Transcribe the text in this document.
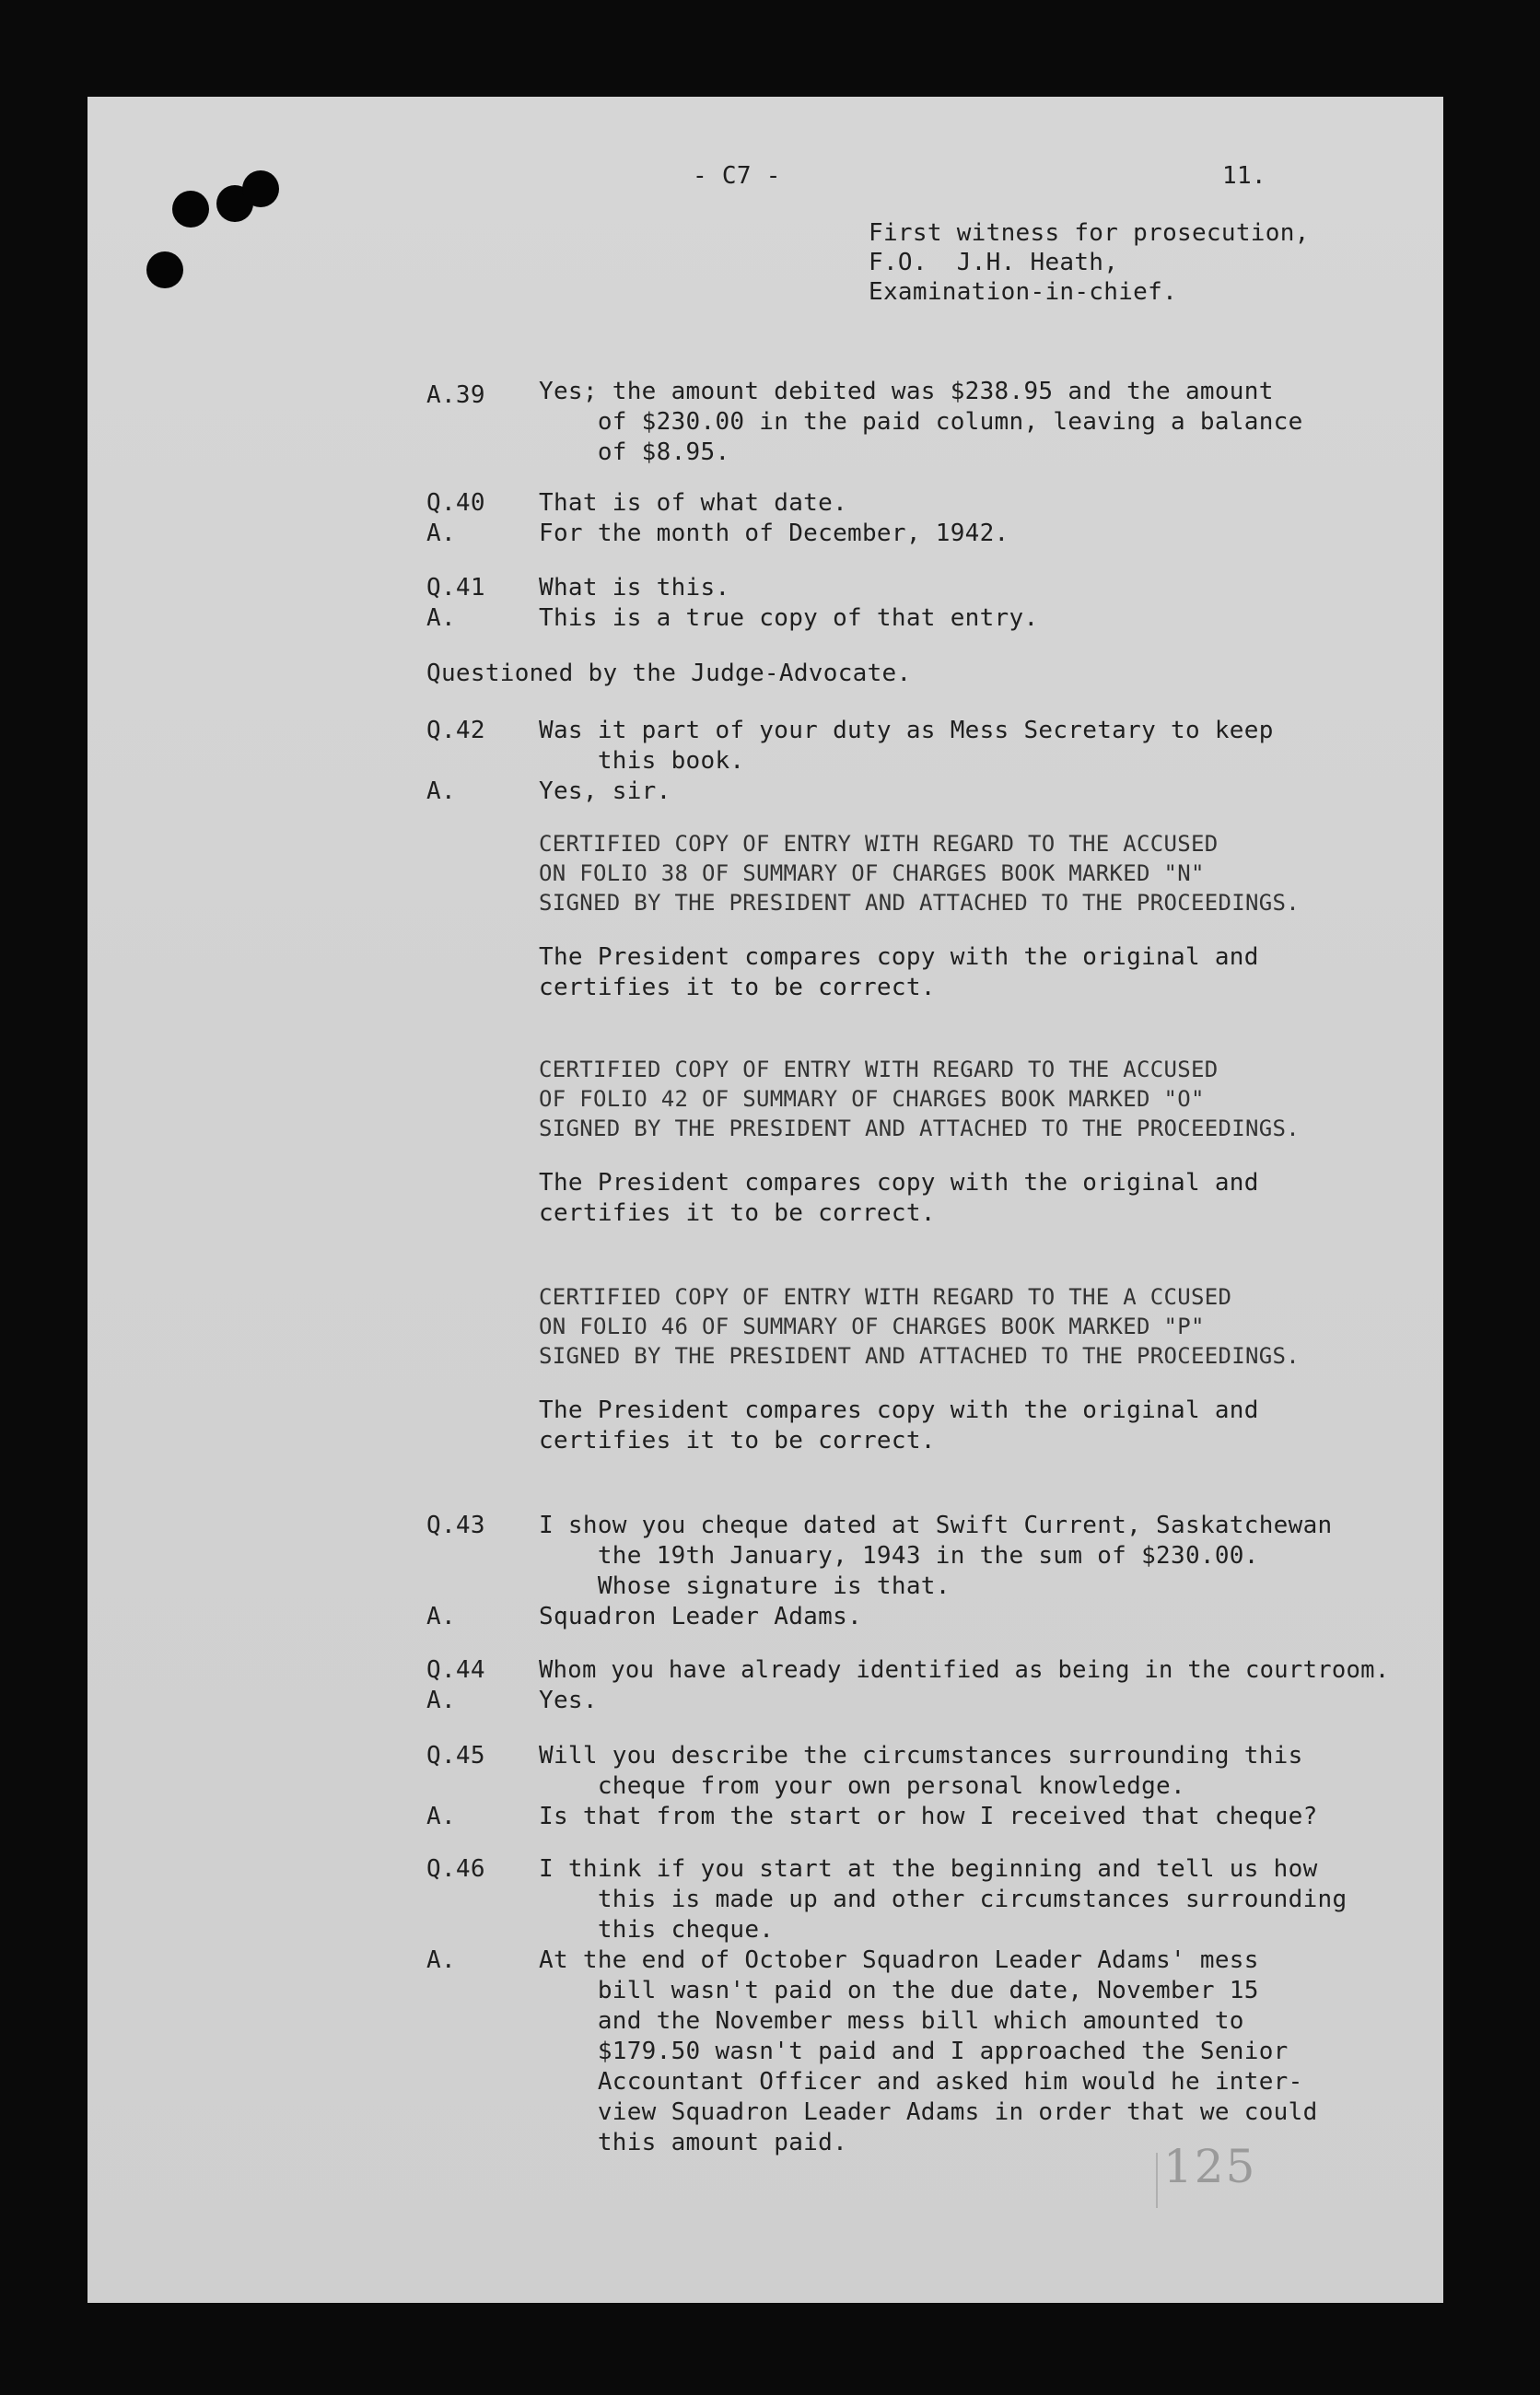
- C7 -	11.
First witness for prosecution,
F.O.  J.H. Heath,
Examination-in-chief.
A.39 Yes; the amount debited was $238.95 and the amount
of $230.00 in the paid column, leaving a balance
of $8.95.
Q.40 That is of what date.
A.	For the month of December, 1942.
Q.41 What is this.
A.	This is a true copy of that entry.
Questioned by the Judge-Advocate.
Q.42 Was it part of your duty as Mess Secretary to keep
this book.
A.	Yes, sir.
CERTIFIED COPY OF ENTRY WITH REGARD TO THE ACCUSED
ON FOLIO 38 OF SUMMARY OF CHARGES BOOK MARKED "N"
SIGNED BY THE PRESIDENT AND ATTACHED TO THE PROCEEDINGS.
The President compares copy with the original and
certifies it to be correct.
CERTIFIED COPY OF ENTRY WITH REGARD TO THE ACCUSED
OF FOLIO 42 OF SUMMARY OF CHARGES BOOK MARKED "O"
SIGNED BY THE PRESIDENT AND ATTACHED TO THE PROCEEDINGS.
The President compares copy with the original and
certifies it to be correct.
CERTIFIED COPY OF ENTRY WITH REGARD TO THE A CCUSED
ON FOLIO 46 OF SUMMARY OF CHARGES BOOK MARKED "P"
SIGNED BY THE PRESIDENT AND ATTACHED TO THE PROCEEDINGS.
The President compares copy with the original and
certifies it to be correct.
Q.43 I show you cheque dated at Swift Current, Saskatchewan
the 19th January, 1943 in the sum of $230.00.
Whose signature is that.
A.	Squadron Leader Adams.
Q.44 Whom you have already identified as being in the courtroom.
A.	Yes.
Q.45 Will you describe the circumstances surrounding this
cheque from your own personal knowledge.
A.	Is that from the start or how I received that cheque?
Q.46 I think if you start at the beginning and tell us how
this is made up and other circumstances surrounding
this cheque.
A.	At the end of October Squadron Leader Adams' mess
bill wasn't paid on the due date, November 15
and the November mess bill which amounted to
$179.50 wasn't paid and I approached the Senior
Accountant Officer and asked him would he inter-
view Squadron Leader Adams in order that we could
this amount paid.	125
